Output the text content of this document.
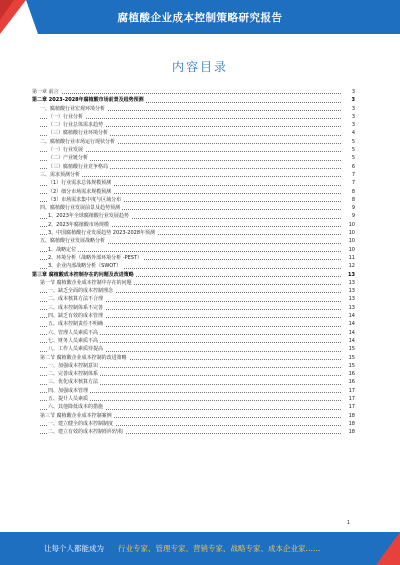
腐植酸企业成本控制策略研究报告
内容目录
第一章 前言	3
第二章 2023-2028年腐植酸市场前景及趋势预测	3
一、腐植酸行业宏观环境分析	3
（一）行业分析	3
（二）行业总体需求趋势	3
（三）腐植酸行业环境分析	4
二、腐植酸行业市场运行现状分析	5
（一）行业发展	5
（二）产业链分析	5
（三）腐植酸行业竞争格局	6
三、需求预测分析	7
（1）行业需求总体规模预测	7
（2）细分市场需求规模预测	8
（3）市场需求集中度与区域分布	8
四、腐植酸行业发展前景及趋势预测	9
1、2023年全球腐植酸行业发展趋势	9
2、2023年腐植酸市场规模	10
3、中国腐植酸行业发展趋势 2023-2028年预测	10
五、腐植酸行业发展战略分析	10
1、战略定位	10
2、环境分析（战略外部环境分析 -PEST）	11
3、企业内部战略分析（SWOT）	12
第三章 腐植酸成本控制存在的问题及改进策略	13
第一节 腐植酸企业成本控制中存在的问题	13
一、缺乏全面的成本控制理念	13
二、成本核算方法不合理	13
三、成本控制体系不完善	13
四、缺乏有效的成本管理	14
五、成本控制责任不明确	14
六、管理人员素质不高	14
七、财务人员素质不高	14
八、工作人员素质待提高	15
第二节 腐植酸企业成本控制的改进策略	15
一、加强成本控制意识	15
二、完善成本控制体系	16
三、优化成本核算方法	16
四、加强成本管理	17
五、提升人员素质	17
六、其他降低成本的措施	17
第三节 腐植酸企业成本控制案例	18
一、建立健全的成本控制制度	18
二、建立有效的成本控制组织结构	18
1
让每个人都能成为 行业专家、管理专家、营销专家、战略专家、成本企业家……
